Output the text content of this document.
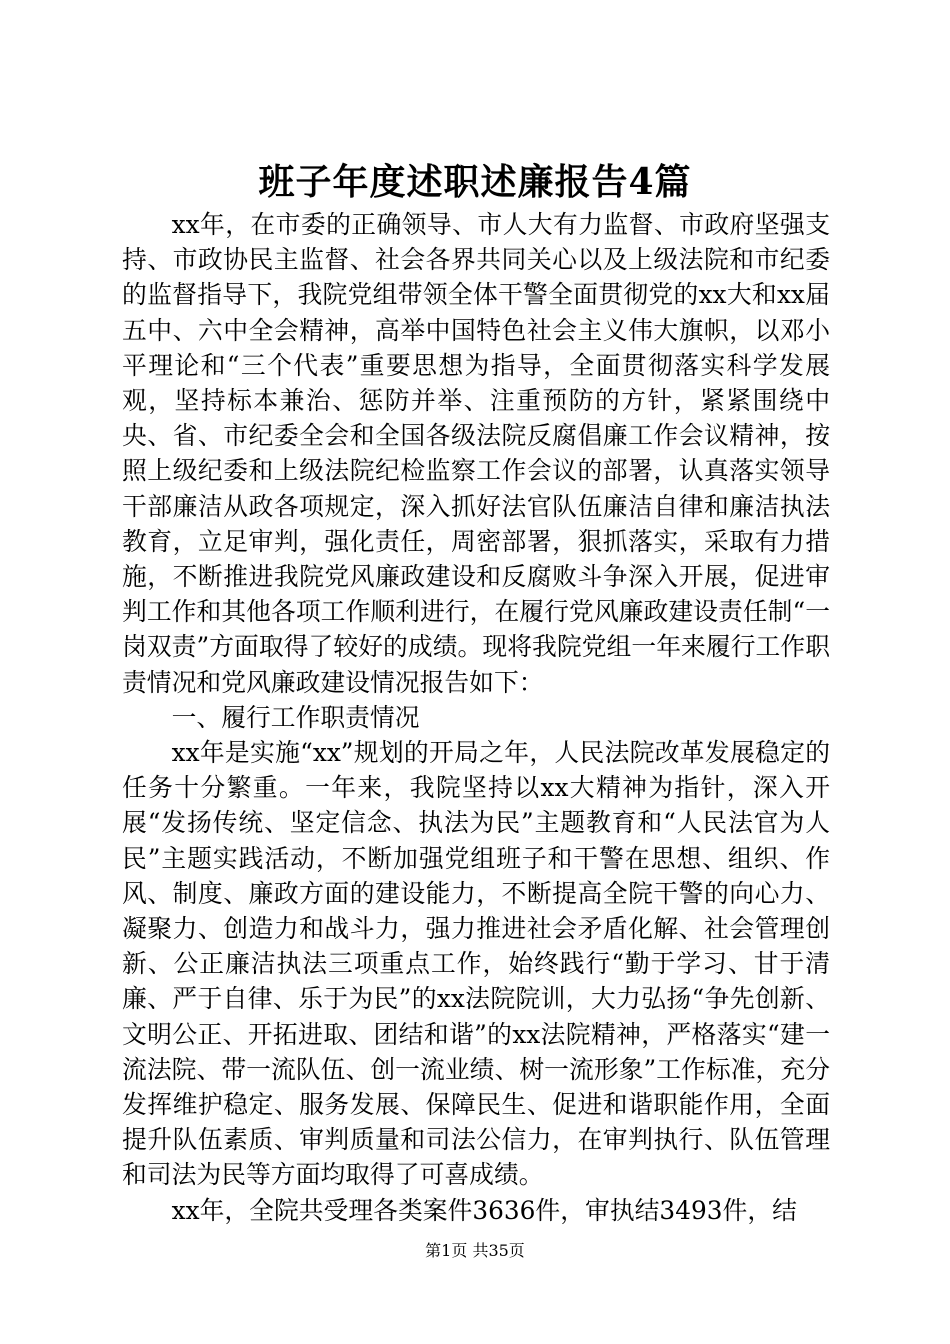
班子年度述职述廉报告4篇

xx年，在市委的正确领导、市人大有力监督、市政府坚强支持、市政协民主监督、社会各界共同关心以及上级法院和市纪委的监督指导下，我院党组带领全体干警全面贯彻党的xx大和xx届五中、六中全会精神，高举中国特色社会主义伟大旗帜，以邓小平理论和“三个代表”重要思想为指导，全面贯彻落实科学发展观，坚持标本兼治、惩防并举、注重预防的方针，紧紧围绕中央、省、市纪委全会和全国各级法院反腐倡廉工作会议精神，按照上级纪委和上级法院纪检监察工作会议的部署，认真落实领导干部廉洁从政各项规定，深入抓好法官队伍廉洁自律和廉洁执法教育，立足审判，强化责任，周密部署，狠抓落实，采取有力措施，不断推进我院党风廉政建设和反腐败斗争深入开展，促进审判工作和其他各项工作顺利进行，在履行党风廉政建设责任制“一岗双责”方面取得了较好的成绩。现将我院党组一年来履行工作职责情况和党风廉政建设情况报告如下：

一、履行工作职责情况

xx年是实施“xx”规划的开局之年，人民法院改革发展稳定的任务十分繁重。一年来，我院坚持以xx大精神为指针，深入开展“发扬传统、坚定信念、执法为民”主题教育和“人民法官为人民”主题实践活动，不断加强党组班子和干警在思想、组织、作风、制度、廉政方面的建设能力，不断提高全院干警的向心力、凝聚力、创造力和战斗力，强力推进社会矛盾化解、社会管理创新、公正廉洁执法三项重点工作，始终践行“勤于学习、甘于清廉、严于自律、乐于为民”的xx法院院训，大力弘扬“争先创新、文明公正、开拓进取、团结和谐”的xx法院精神，严格落实“建一流法院、带一流队伍、创一流业绩、树一流形象”工作标准，充分发挥维护稳定、服务发展、保障民生、促进和谐职能作用，全面提升队伍素质、审判质量和司法公信力，在审判执行、队伍管理和司法为民等方面均取得了可喜成绩。

xx年，全院共受理各类案件3636件，审执结3493件，结

第1页 共35页
